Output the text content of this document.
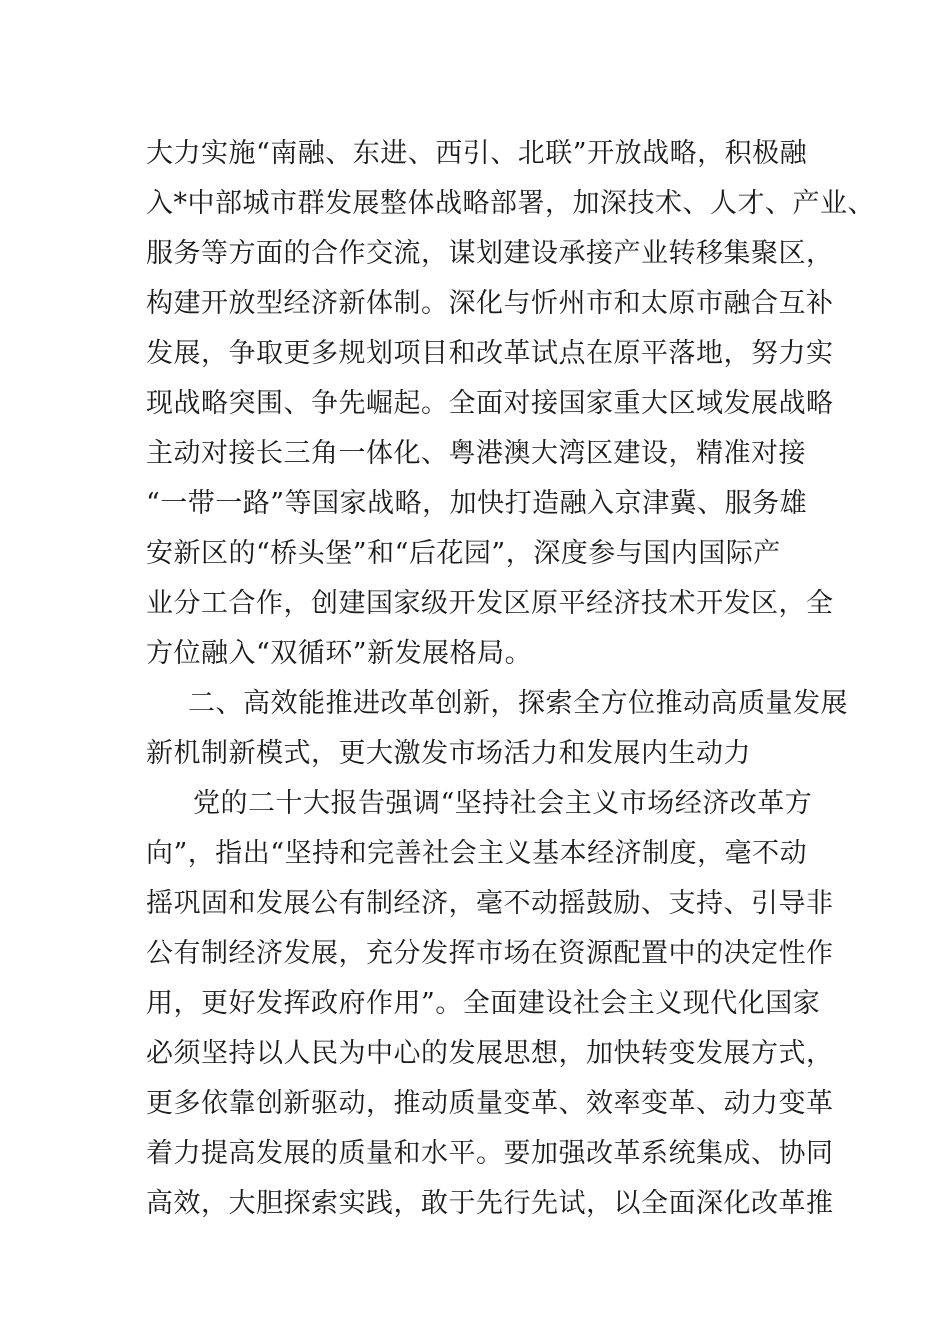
大力实施“南融、东进、西引、北联”开放战略，积极融
入*中部城市群发展整体战略部署，加深技术、人才、产业、
服务等方面的合作交流，谋划建设承接产业转移集聚区，
构建开放型经济新体制。深化与忻州市和太原市融合互补
发展，争取更多规划项目和改革试点在原平落地，努力实
现战略突围、争先崛起。全面对接国家重大区域发展战略
主动对接长三角一体化、粤港澳大湾区建设，精准对接
“一带一路”等国家战略，加快打造融入京津冀、服务雄
安新区的“桥头堡”和“后花园”，深度参与国内国际产
业分工合作，创建国家级开发区原平经济技术开发区，全
方位融入“双循环”新发展格局。
二、高效能推进改革创新，探索全方位推动高质量发展
新机制新模式，更大激发市场活力和发展内生动力
党的二十大报告强调“坚持社会主义市场经济改革方
向”，指出“坚持和完善社会主义基本经济制度，毫不动
摇巩固和发展公有制经济，毫不动摇鼓励、支持、引导非
公有制经济发展，充分发挥市场在资源配置中的决定性作
用，更好发挥政府作用”。全面建设社会主义现代化国家
必须坚持以人民为中心的发展思想，加快转变发展方式，
更多依靠创新驱动，推动质量变革、效率变革、动力变革
着力提高发展的质量和水平。要加强改革系统集成、协同
高效，大胆探索实践，敢于先行先试，以全面深化改革推
